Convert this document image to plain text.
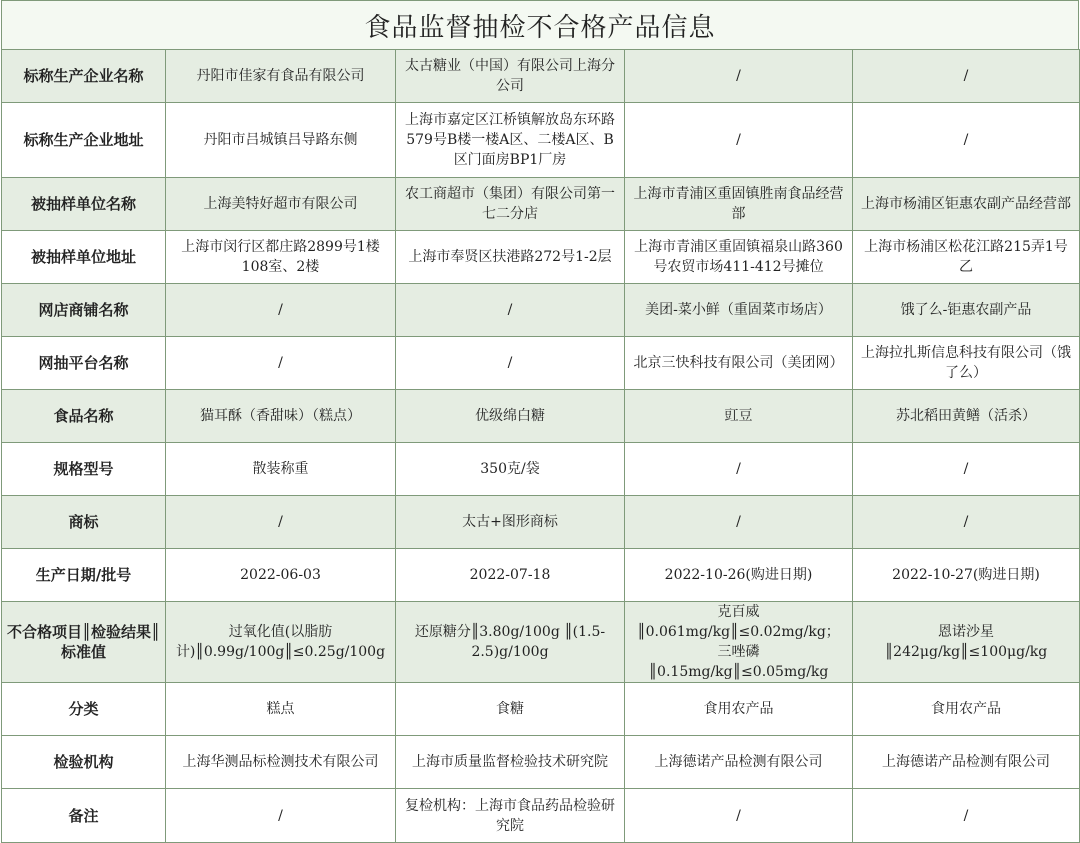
食品监督抽检不合格产品信息
标称生产企业名称	丹阳市佳家有食品有限公司	太古糖业（中国）有限公司上海分公司	/	/
标称生产企业地址	丹阳市吕城镇吕导路东侧	上海市嘉定区江桥镇解放岛东环路579号B楼一楼A区、二楼A区、B区门面房BP1厂房	/	/
被抽样单位名称	上海美特好超市有限公司	农工商超市（集团）有限公司第一七二分店	上海市青浦区重固镇胜南食品经营部	上海市杨浦区钜惠农副产品经营部
被抽样单位地址	上海市闵行区都庄路2899号1楼108室、2楼	上海市奉贤区扶港路272号1-2层	上海市青浦区重固镇福泉山路360号农贸市场411-412号摊位	上海市杨浦区松花江路215弄1号乙
网店商铺名称	/	/	美团-菜小鲜（重固菜市场店）	饿了么-钜惠农副产品
网抽平台名称	/	/	北京三快科技有限公司（美团网）	上海拉扎斯信息科技有限公司（饿了么）
食品名称	猫耳酥（香甜味）（糕点）	优级绵白糖	豇豆	苏北稻田黄鳝（活杀）
规格型号	散装称重	350克/袋	/	/
商标	/	太古+图形商标	/	/
生产日期/批号	2022-06-03	2022-07-18	2022-10-26(购进日期)	2022-10-27(购进日期)
不合格项目║检验结果║标准值	过氧化值(以脂肪计)║0.99g/100g║≤0.25g/100g	还原糖分║3.80g/100g ║(1.5-2.5)g/100g	克百威║0.061mg/kg║≤0.02mg/kg；三唑磷║0.15mg/kg║≤0.05mg/kg	恩诺沙星║242μg/kg║≤100μg/kg
分类	糕点	食糖	食用农产品	食用农产品
检验机构	上海华测品标检测技术有限公司	上海市质量监督检验技术研究院	上海德诺产品检测有限公司	上海德诺产品检测有限公司
备注	/	复检机构：上海市食品药品检验研究院	/	/
